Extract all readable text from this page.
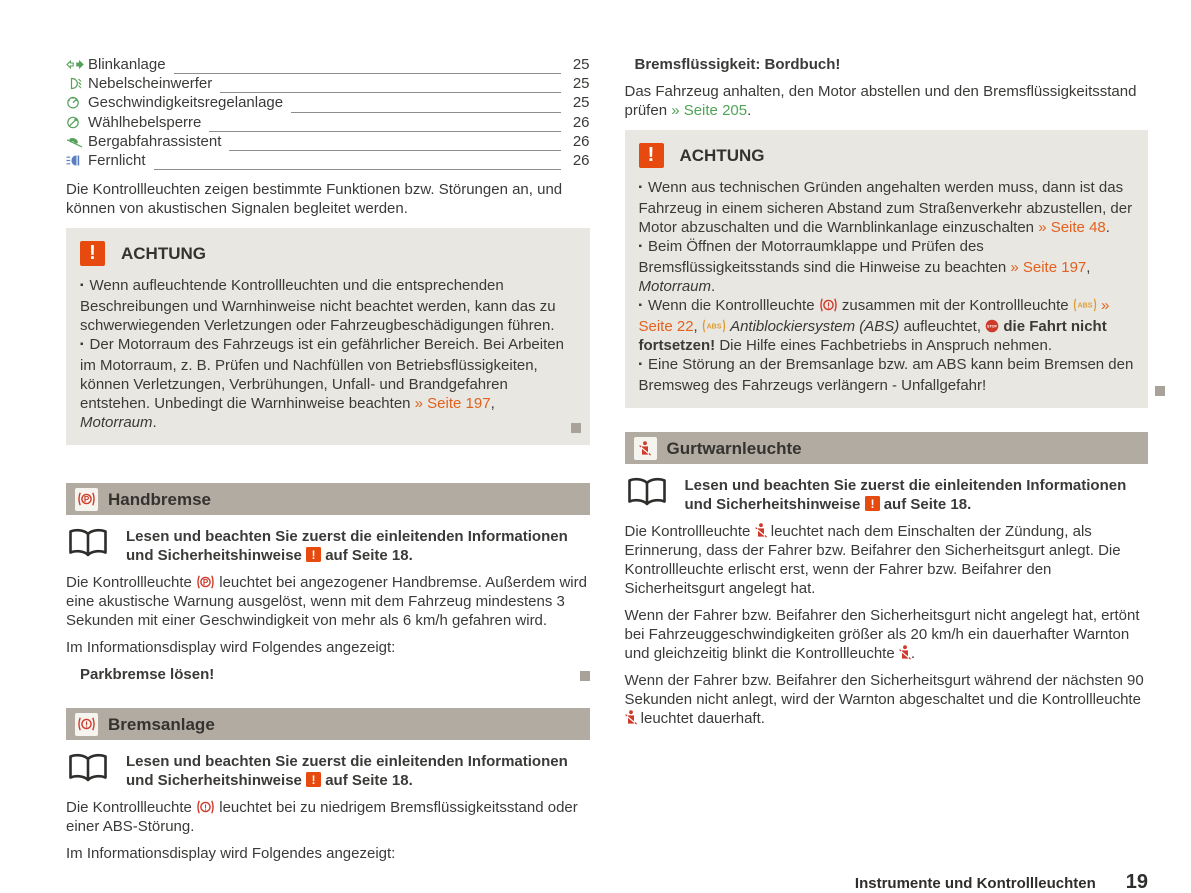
Blinkanlage	25
Nebelscheinwerfer	25
Geschwindigkeitsregelanlage	25
Wählhebelsperre	26
Bergabfahrassistent	26
Fernlicht	26

Die Kontrollleuchten zeigen bestimmte Funktionen bzw. Störungen an, und können von akustischen Signalen begleitet werden.

!	ACHTUNG

▪ Wenn aufleuchtende Kontrollleuchten und die entsprechenden Beschreibungen und Warnhinweise nicht beachtet werden, kann das zu schwerwiegenden Verletzungen oder Fahrzeugbeschädigungen führen.

▪ Der Motorraum des Fahrzeugs ist ein gefährlicher Bereich. Bei Arbeiten im Motorraum, z. B. Prüfen und Nachfüllen von Betriebsflüssigkeiten, können Verletzungen, Verbrühungen, Unfall- und Brandgefahren entstehen. Unbedingt die Warnhinweise beachten » Seite 197, Motorraum.

P Handbremse
Lesen und beachten Sie zuerst die einleitenden Informationen und Sicherheitshinweise ! auf Seite 18.

Die Kontrollleuchte P leuchtet bei angezogener Handbremse. Außerdem wird eine akustische Warnung ausgelöst, wenn mit dem Fahrzeug mindestens 3 Sekunden mit einer Geschwindigkeit von mehr als 6 km/h gefahren wird.

Im Informationsdisplay wird Folgendes angezeigt:

Parkbremse lösen!
! Bremsanlage
Lesen und beachten Sie zuerst die einleitenden Informationen und Sicherheitshinweise ! auf Seite 18.

Die Kontrollleuchte ! leuchtet bei zu niedrigem Bremsflüssigkeitsstand oder einer ABS-Störung.

Im Informationsdisplay wird Folgendes angezeigt:

Bremsflüssigkeit: Bordbuch!

Das Fahrzeug anhalten, den Motor abstellen und den Bremsflüssigkeitsstand prüfen » Seite 205.

!	ACHTUNG

▪ Wenn aus technischen Gründen angehalten werden muss, dann ist das Fahrzeug in einem sicheren Abstand zum Straßenverkehr abzustellen, der Motor abzuschalten und die Warnblinkanlage einzuschalten » Seite 48.

▪ Beim Öffnen der Motorraumklappe und Prüfen des Bremsflüssigkeitsstands sind die Hinweise zu beachten » Seite 197, Motorraum.

▪ Wenn die Kontrollleuchte ! zusammen mit der Kontrollleuchte ABS » Seite 22, ABS Antiblockiersystem (ABS) aufleuchtet, STOP die Fahrt nicht fortsetzen! Die Hilfe eines Fachbetriebs in Anspruch nehmen.

▪ Eine Störung an der Bremsanlage bzw. am ABS kann beim Bremsen den Bremsweg des Fahrzeugs verlängern - Unfallgefahr!

Gurtwarnleuchte
Lesen und beachten Sie zuerst die einleitenden Informationen und Sicherheitshinweise ! auf Seite 18.

Die Kontrollleuchte  leuchtet nach dem Einschalten der Zündung, als Erinnerung, dass der Fahrer bzw. Beifahrer den Sicherheitsgurt anlegt. Die Kontrollleuchte erlischt erst, wenn der Fahrer bzw. Beifahrer den Sicherheitsgurt angelegt hat.

Wenn der Fahrer bzw. Beifahrer den Sicherheitsgurt nicht angelegt hat, ertönt bei Fahrzeuggeschwindigkeiten größer als 20 km/h ein dauerhafter Warnton und gleichzeitig blinkt die Kontrollleuchte .

Wenn der Fahrer bzw. Beifahrer den Sicherheitsgurt während der nächsten 90 Sekunden nicht anlegt, wird der Warnton abgeschaltet und die Kontrollleuchte  leuchtet dauerhaft.

Instrumente und Kontrollleuchten 19
